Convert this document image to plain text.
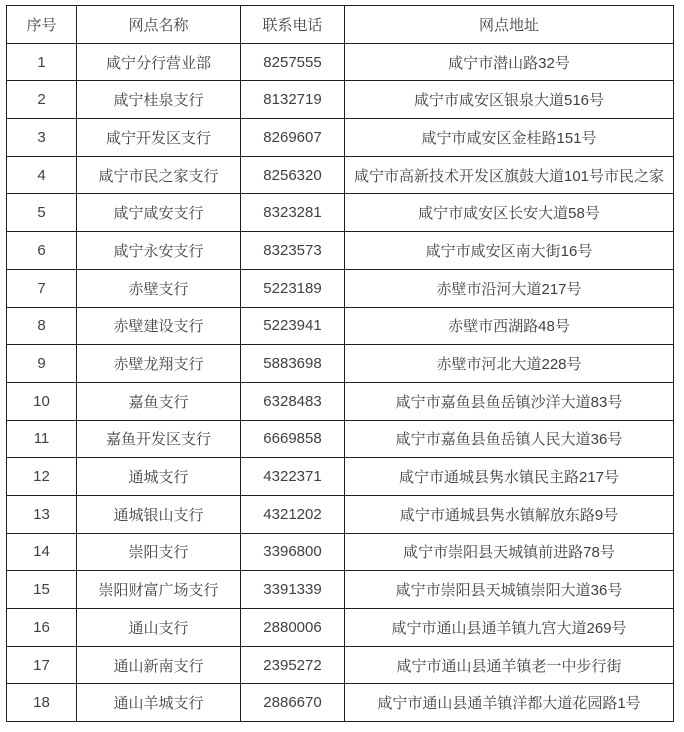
序号	网点名称	联系电话	网点地址
1	咸宁分行营业部	8257555	咸宁市潜山路32号
2	咸宁桂泉支行	8132719	咸宁市咸安区银泉大道516号
3	咸宁开发区支行	8269607	咸宁市咸安区金桂路151号
4	咸宁市民之家支行	8256320	咸宁市高新技术开发区旗鼓大道101号市民之家
5	咸宁咸安支行	8323281	咸宁市咸安区长安大道58号
6	咸宁永安支行	8323573	咸宁市咸安区南大街16号
7	赤壁支行	5223189	赤壁市沿河大道217号
8	赤壁建设支行	5223941	赤壁市西湖路48号
9	赤壁龙翔支行	5883698	赤壁市河北大道228号
10	嘉鱼支行	6328483	咸宁市嘉鱼县鱼岳镇沙洋大道83号
11	嘉鱼开发区支行	6669858	咸宁市嘉鱼县鱼岳镇人民大道36号
12	通城支行	4322371	咸宁市通城县隽水镇民主路217号
13	通城银山支行	4321202	咸宁市通城县隽水镇解放东路9号
14	崇阳支行	3396800	咸宁市崇阳县天城镇前进路78号
15	崇阳财富广场支行	3391339	咸宁市崇阳县天城镇崇阳大道36号
16	通山支行	2880006	咸宁市通山县通羊镇九宫大道269号
17	通山新南支行	2395272	咸宁市通山县通羊镇老一中步行街
18	通山羊城支行	2886670	咸宁市通山县通羊镇洋都大道花园路1号
